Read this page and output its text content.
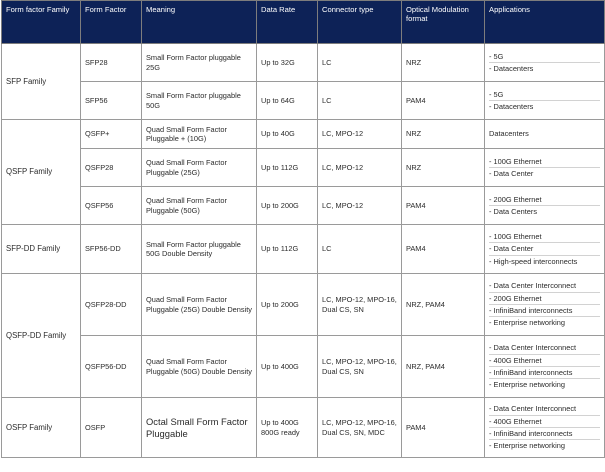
Form factor Family	Form Factor	Meaning	Data Rate	Connector type	Optical Modulation format	Applications
SFP Family	SFP28	Small Form Factor pluggable 25G	Up to 32G	LC	NRZ	- 5G
- Datacenters

	SFP56	Small Form Factor pluggable 50G	Up to 64G	LC	PAM4	- 5G
- Datacenters

QSFP Family	QSFP+	Quad Small Form Factor Pluggable + (10G)	Up to 40G	LC, MPO-12	NRZ	Datacenters

	QSFP28	Quad Small Form Factor Pluggable (25G)	Up to 112G	LC, MPO-12	NRZ	- 100G Ethernet
- Data Center

	QSFP56	Quad Small Form Factor Pluggable (50G)	Up to 200G	LC, MPO-12	PAM4	- 200G Ethernet
- Data Centers

SFP-DD Family	SFP56-DD	Small Form Factor pluggable 50G Double Density	Up to 112G	LC	PAM4	- 100G Ethernet
- Data Center
- High-speed interconnects

QSFP-DD Family	QSFP28-DD	Quad Small Form Factor Pluggable (25G) Double Density	Up to 200G	LC, MPO-12, MPO-16, Dual CS, SN	NRZ, PAM4	- Data Center Interconnect
- 200G Ethernet
- InfiniBand interconnects
- Enterprise networking

	QSFP56-DD	Quad Small Form Factor Pluggable (50G) Double Density	Up to 400G	LC, MPO-12, MPO-16, Dual CS, SN	NRZ, PAM4	- Data Center Interconnect
- 400G Ethernet
- InfiniBand interconnects
- Enterprise networking

OSFP Family	OSFP	Octal Small Form Factor Pluggable	Up to 400G 800G ready	LC, MPO-12, MPO-16, Dual CS, SN, MDC	PAM4	- Data Center Interconnect
- 400G Ethernet
- InfiniBand interconnects
- Enterprise networking
